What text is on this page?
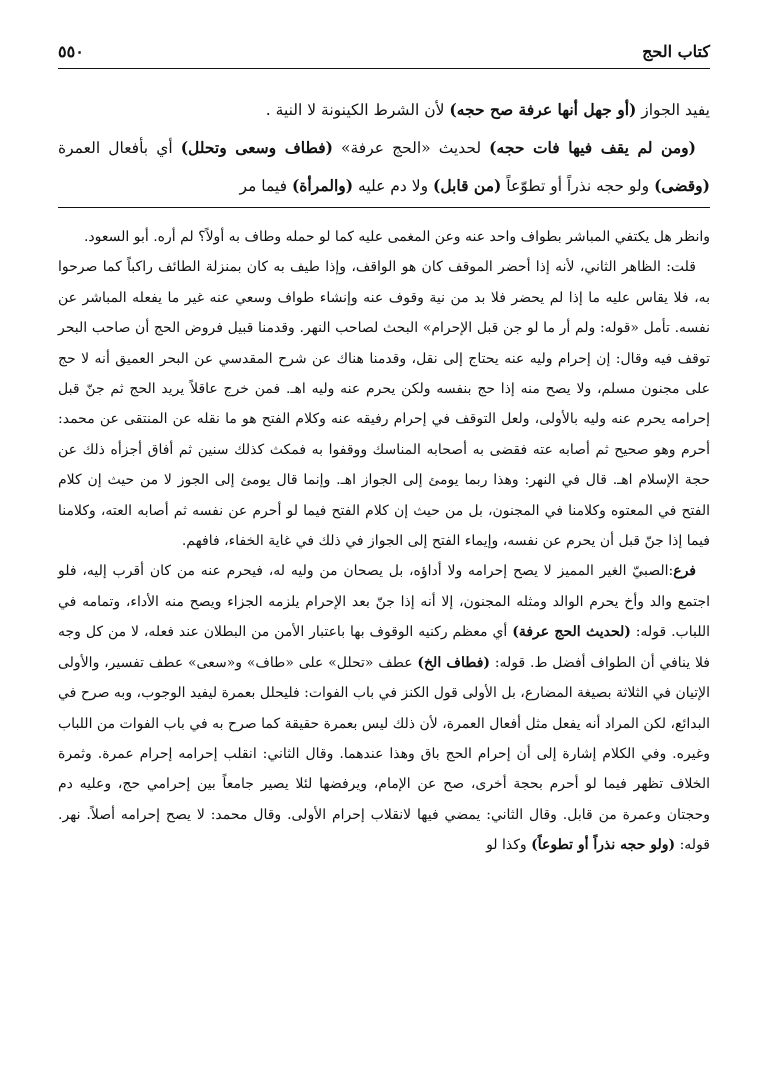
كتاب الحج
٥٥٠

يفيد الجواز (أو جهل أنها عرفة صح حجه) لأن الشرط الكينونة لا النية .

(ومن لم يقف فيها فات حجه) لحديث «الحج عرفة» (فطاف وسعى وتحلل) أي بأفعال العمرة (وقضى) ولو حجه نذراً أو تطوّعاً (من قابل) ولا دم عليه (والمرأة) فيما مر

وانظر هل يكتفي المباشر بطواف واحد عنه وعن المغمى عليه كما لو حمله وطاف به أولاً؟ لم أره. أبو السعود.

قلت: الظاهر الثاني، لأنه إذا أحضر الموقف كان هو الواقف، وإذا طيف به كان بمنزلة الطائف راكباً كما صرحوا به، فلا يقاس عليه ما إذا لم يحضر فلا بد من نية وقوف عنه وإنشاء طواف وسعي عنه غير ما يفعله المباشر عن نفسه. تأمل «قوله: ولم أر ما لو جن قبل الإحرام» البحث لصاحب النهر. وقدمنا قبيل فروض الحج أن صاحب البحر توقف فيه وقال: إن إحرام وليه عنه يحتاج إلى نقل، وقدمنا هناك عن شرح المقدسي عن البحر العميق أنه لا حج على مجنون مسلم، ولا يصح منه إذا حج بنفسه ولكن يحرم عنه وليه اهـ. فمن خرج عاقلاً يريد الحج ثم جنّ قبل إحرامه يحرم عنه وليه بالأولى، ولعل التوقف في إحرام رفيقه عنه وكلام الفتح هو ما نقله عن المنتقى عن محمد: أحرم وهو صحيح ثم أصابه عته فقضى به أصحابه المناسك ووقفوا به فمكث كذلك سنين ثم أفاق أجزأه ذلك عن حجة الإسلام اهـ. قال في النهر: وهذا ربما يومئ إلى الجواز اهـ. وإنما قال يومئ إلى الجوز لا من حيث إن كلام الفتح في المعتوه وكلامنا في المجنون، بل من حيث إن كلام الفتح فيما لو أحرم عن نفسه ثم أصابه العته، وكلامنا فيما إذا جنّ قبل أن يحرم عن نفسه، وإيماء الفتح إلى الجواز في ذلك في غاية الخفاء، فافهم.

فرع:الصبيّ الغير المميز لا يصح إحرامه ولا أداؤه، بل يصحان من وليه له، فيحرم عنه من كان أقرب إليه، فلو اجتمع والد وأخ يحرم الوالد ومثله المجنون، إلا أنه إذا جنّ بعد الإحرام يلزمه الجزاء ويصح منه الأداء، وتمامه في اللباب. قوله: (لحديث الحج عرفة) أي معظم ركنيه الوقوف بها باعتبار الأمن من البطلان عند فعله، لا من كل وجه فلا ينافي أن الطواف أفضل ط. قوله: (فطاف الخ) عطف «تحلل» على «طاف» و«سعى» عطف تفسير، والأولى الإتيان في الثلاثة بصيغة المضارع، بل الأولى قول الكنز في باب الفوات: فليحلل بعمرة ليفيد الوجوب، وبه صرح في البدائع، لكن المراد أنه يفعل مثل أفعال العمرة، لأن ذلك ليس بعمرة حقيقة كما صرح به في باب الفوات من اللباب وغيره. وفي الكلام إشارة إلى أن إحرام الحج باق وهذا عندهما. وقال الثاني: انقلب إحرامه إحرام عمرة. وثمرة الخلاف تظهر فيما لو أحرم بحجة أخرى، صح عن الإمام، ويرفضها لئلا يصير جامعاً بين إحرامي حج، وعليه دم وحجتان وعمرة من قابل. وقال الثاني: يمضي فيها لانقلاب إحرام الأولى. وقال محمد: لا يصح إحرامه أصلاً. نهر. قوله: (ولو حجه نذراً أو تطوعاً) وكذا لو
